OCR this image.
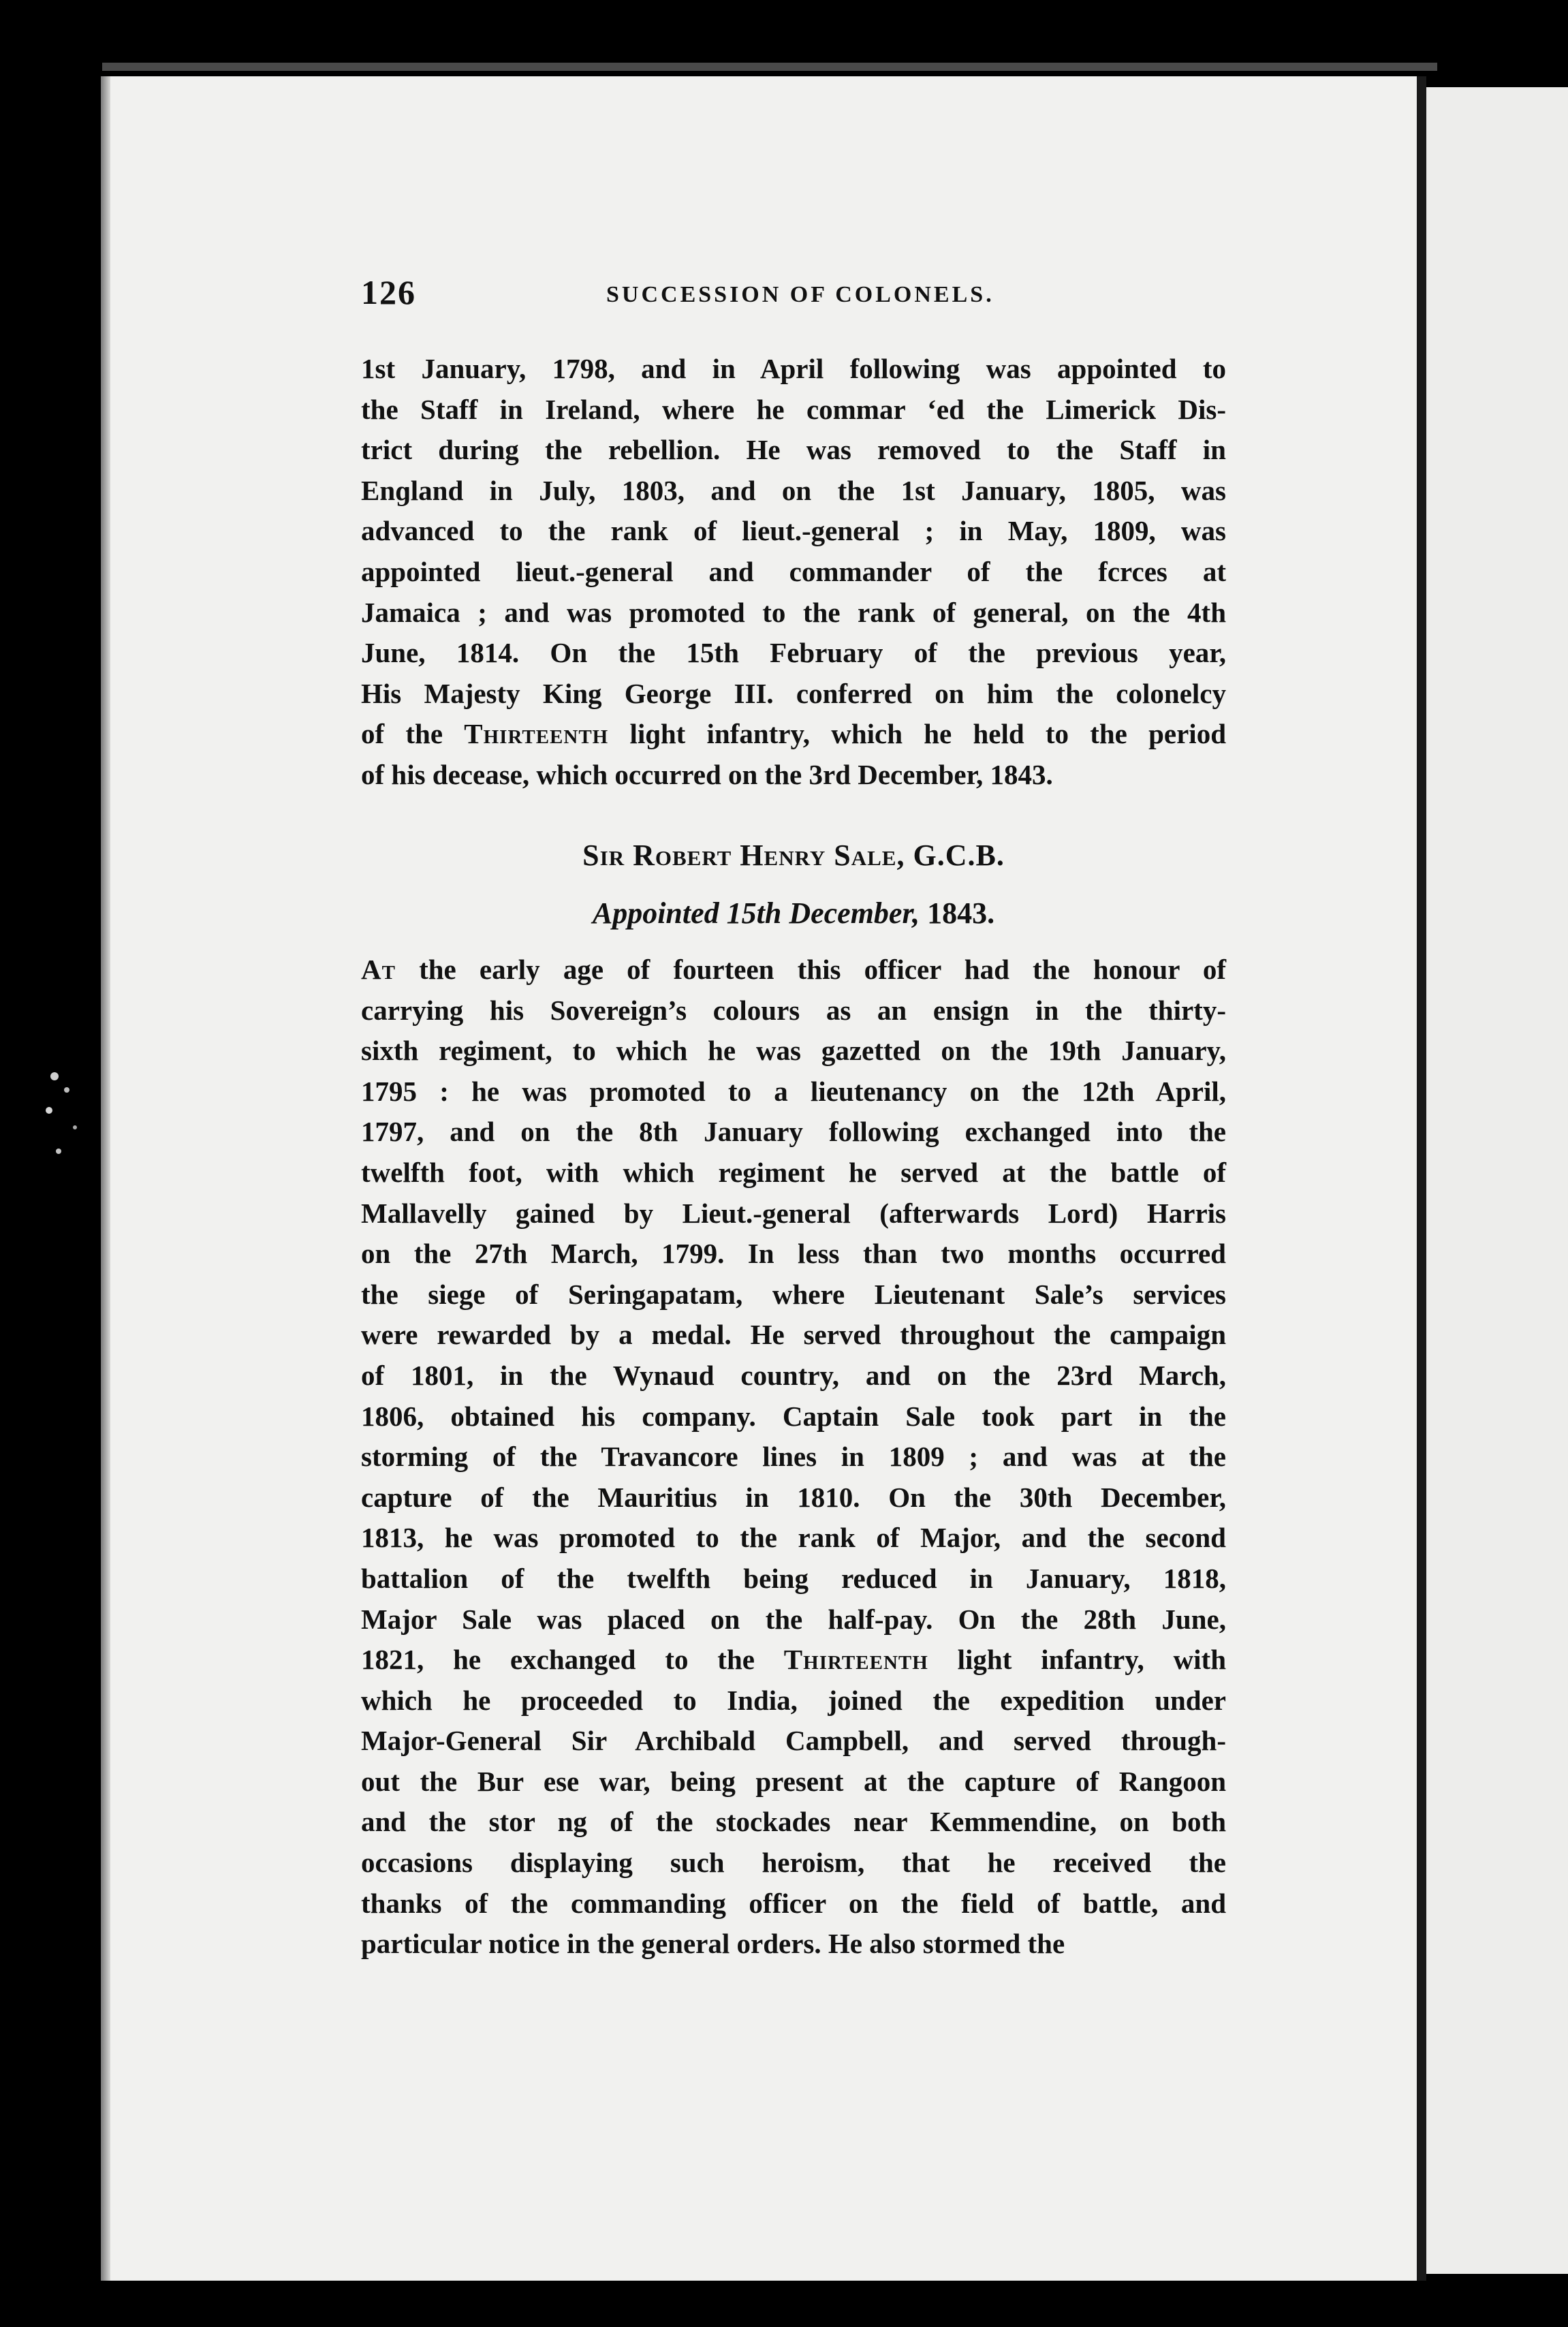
126	SUCCESSION OF COLONELS.
1st January, 1798, and in April following was appointed to
the Staff in Ireland, where he commar ‘ed the Limerick Dis-
trict during the rebellion. He was removed to the Staff in
Enɡland in July, 1803, and on the 1st January, 1805, was
advanсed to the rank of lieut.-general ; in May, 1809, was
appointed lieut.-general and commander of the fcrces at
Jamaica ; and was promoted to the rank of general, on the 4th
June, 1814. On the 15th February of the previous year,
His Majesty King George III. conferred on him the colonelcy
of the Thirteenth liɡht infantry, which he held to the period
of his decease, which occurred on the 3rd December, 1843.
Sir Robert Henry Sale, G.C.B.
Appointed 15th December, 1843.
At the early age of fourteen this officer had the honour of
carrying his Sovereign’s colours as an ensign in the thirty-
sixth regiment, to which he was gazetted on the 19th January,
1795 : he was promoted to a lieutenancy on the 12th April,
1797, and on the 8th January following exchanged into the
twelfth foot, with which regiment he served at the battle of
Mallavelly gained by Lieut.-general (afterwards Lord) Harris
on the 27th March, 1799. In less than two months occurred
the siege of Seringapatam, where Lieutenant Sale’s services
were rewarded by a medal. He served throughout the campaign
of 1801, in the Wynaud country, and on the 23rd March,
1806, obtained his company. Captain Sale took part in the
storming of the Travancore lines in 1809 ; and was at the
capture of the Mauritius in 1810. On the 30th December,
1813, he was promoted to the rank of Major, and the second
battalion of the twelfth being reduced in January, 1818,
Major Sale was placed on the half-pay. On the 28th June,
1821, he exchanged to the Thirteenth light infantry, with
which he proceeded to India, joined the expedition under
Major-General Sir Archibald Campbell, and served through-
out the Bur ese war, being present at the capture of Rangoon
and the stor ng of the stockades near Kemmendine, on both
occasions displaying such heroism, that he received the
thanks of the commanding officer on the field of battle, and
particular notice in the general orders. He also stormed the
